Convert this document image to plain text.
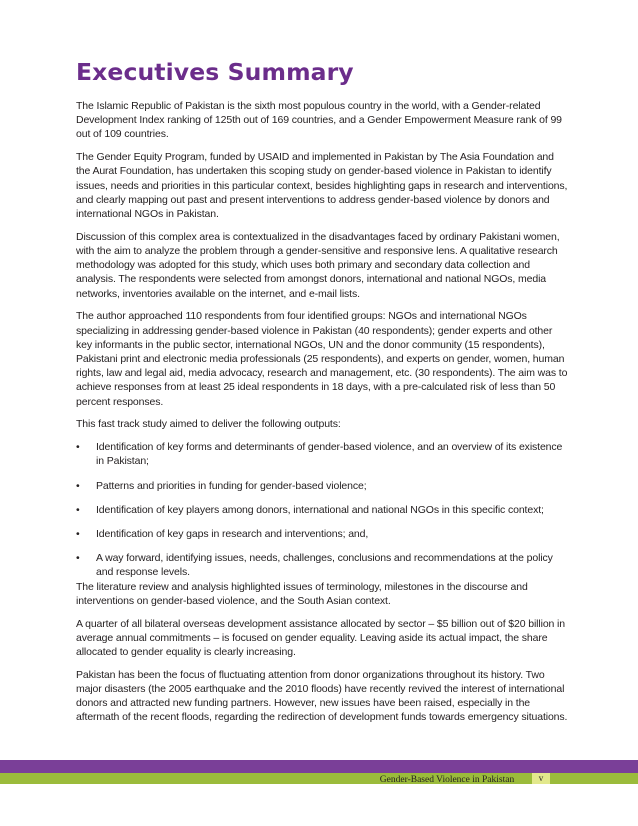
Executives Summary

The Islamic Republic of Pakistan is the sixth most populous country in the world, with a Gender-related Development Index ranking of 125th out of 169 countries, and a Gender Empowerment Measure rank of 99 out of 109 countries.

The Gender Equity Program, funded by USAID and implemented in Pakistan by The Asia Foundation and the Aurat Foundation, has undertaken this scoping study on gender-based violence in Pakistan to identify issues, needs and priorities in this particular context, besides highlighting gaps in research and interventions, and clearly mapping out past and present interventions to address gender-based violence by donors and international NGOs in Pakistan.

Discussion of this complex area is contextualized in the disadvantages faced by ordinary Pakistani women, with the aim to analyze the problem through a gender-sensitive and responsive lens. A qualitative research methodology was adopted for this study, which uses both primary and secondary data collection and analysis. The respondents were selected from amongst donors, international and national NGOs, media networks, inventories available on the internet, and e-mail lists.

The author approached 110 respondents from four identified groups: NGOs and international NGOs specializing in addressing gender-based violence in Pakistan (40 respondents); gender experts and other key informants in the public sector, international NGOs, UN and the donor community (15 respondents), Pakistani print and electronic media professionals (25 respondents), and experts on gender, women, human rights, law and legal aid, media advocacy, research and management, etc. (30 respondents). The aim was to achieve responses from at least 25 ideal respondents in 18 days, with a pre-calculated risk of less than 50 percent responses.

This fast track study aimed to deliver the following outputs:

• Identification of key forms and determinants of gender-based violence, and an overview of its existence in Pakistan;
• Patterns and priorities in funding for gender-based violence;
• Identification of key players among donors, international and national NGOs in this specific context;
• Identification of key gaps in research and interventions; and,
• A way forward, identifying issues, needs, challenges, conclusions and recommendations at the policy and response levels.

The literature review and analysis highlighted issues of terminology, milestones in the discourse and interventions on gender-based violence, and the South Asian context.

A quarter of all bilateral overseas development assistance allocated by sector – $5 billion out of $20 billion in average annual commitments – is focused on gender equality. Leaving aside its actual impact, the share allocated to gender equality is clearly increasing.

Pakistan has been the focus of fluctuating attention from donor organizations throughout its history. Two major disasters (the 2005 earthquake and the 2010 floods) have recently revived the interest of international donors and attracted new funding partners. However, new issues have been raised, especially in the aftermath of the recent floods, regarding the redirection of development funds towards emergency situations.

Gender-Based Violence in Pakistan	v
